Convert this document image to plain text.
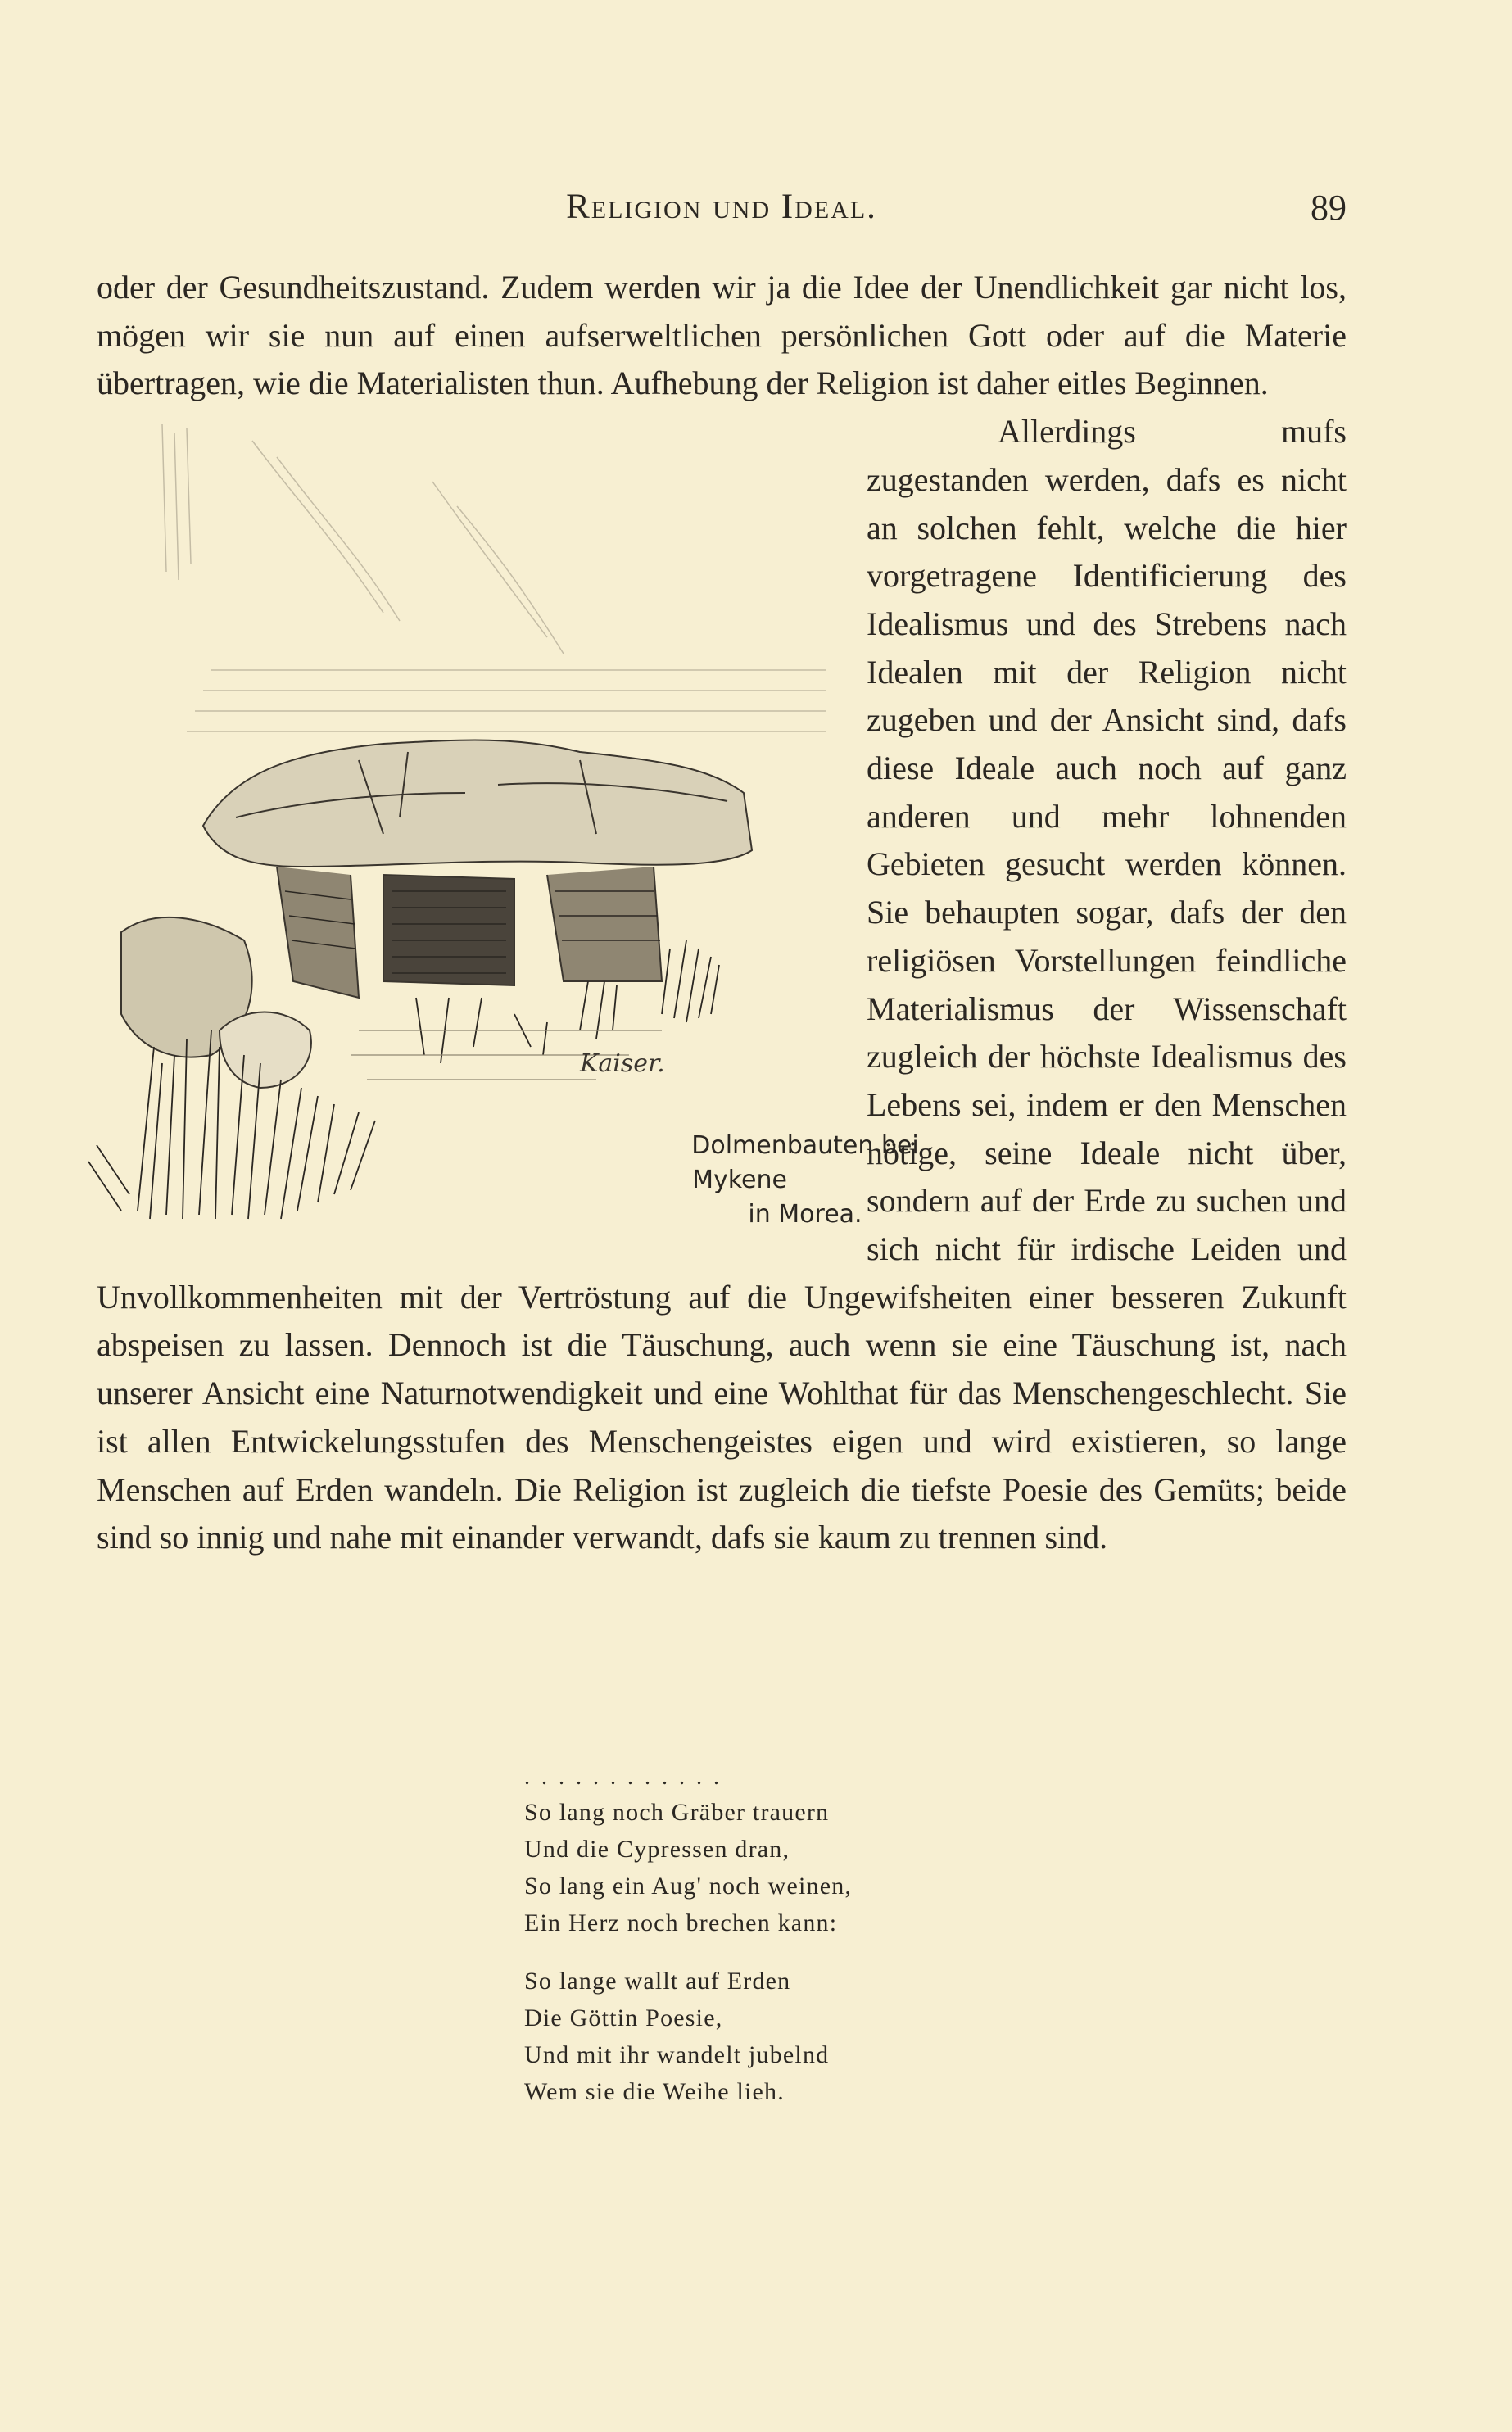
Religion und Ideal.	89

oder der Gesundheitszustand. Zudem werden wir ja die Idee der Unendlichkeit gar nicht los, mögen wir sie nun auf einen aufserweltlichen persönlichen Gott oder auf die Materie übertragen, wie die Materialisten thun. Aufhebung der Religion ist daher eitles Beginnen.

Kaiser.
Dolmenbauten bei Mykene
in Morea.
Allerdings mufs zugestanden werden, dafs es nicht an solchen fehlt, welche die hier vorgetragene Identificierung des Idealismus und des Strebens nach Idealen mit der Religion nicht zugeben und der Ansicht sind, dafs diese Ideale auch noch auf ganz anderen und mehr lohnenden Gebieten gesucht werden können. Sie behaupten sogar, dafs der den religiösen Vorstellungen feindliche Materialismus der Wissenschaft zugleich der höchste Idealismus des Lebens sei, indem er den Menschen nötige, seine Ideale nicht über, sondern auf der Erde zu suchen und sich nicht für irdische Leiden und Unvollkommenheiten mit der Vertröstung auf die Ungewifsheiten einer besseren Zukunft abspeisen zu lassen. Dennoch ist die Täuschung, auch wenn sie eine Täuschung ist, nach unserer Ansicht eine Naturnotwendigkeit und eine Wohlthat für das Menschengeschlecht. Sie ist allen Entwickelungsstufen des Menschengeistes eigen und wird existieren, so lange Menschen auf Erden wandeln. Die Religion ist zugleich die tiefste Poesie des Gemüts; beide sind so innig und nahe mit einander verwandt, dafs sie kaum zu trennen sind.

............
So lang noch Gräber trauern
Und die Cypressen dran,
So lang ein Aug' noch weinen,
Ein Herz noch brechen kann:
So lange wallt auf Erden
Die Göttin Poesie,
Und mit ihr wandelt jubelnd
Wem sie die Weihe lieh.
